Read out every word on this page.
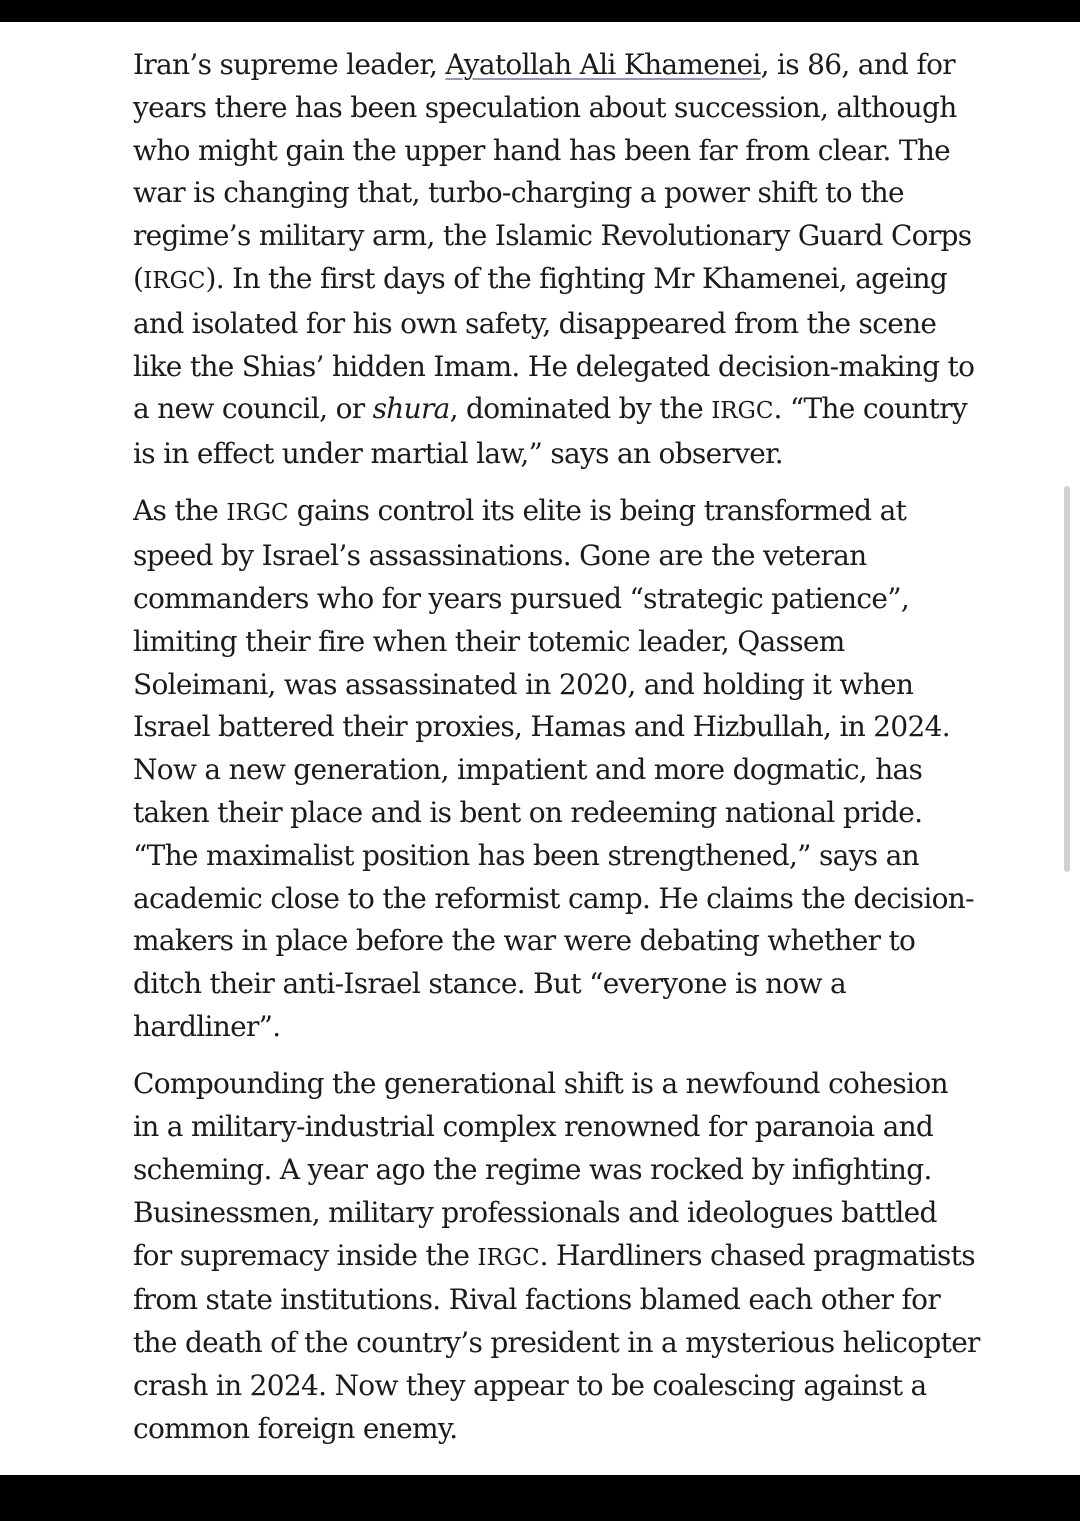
Iran’s supreme leader, Ayatollah Ali Khamenei, is 86, and for
years there has been speculation about succession, although
who might gain the upper hand has been far from clear. The
war is changing that, turbo-charging a power shift to the
regime’s military arm, the Islamic Revolutionary Guard Corps
(IRGC). In the first days of the fighting Mr Khamenei, ageing
and isolated for his own safety, disappeared from the scene
like the Shias’ hidden Imam. He delegated decision-making to
a new council, or shura, dominated by the IRGC. “The country
is in effect under martial law,” says an observer.

As the IRGC gains control its elite is being transformed at
speed by Israel’s assassinations. Gone are the veteran
commanders who for years pursued “strategic patience”,
limiting their fire when their totemic leader, Qassem
Soleimani, was assassinated in 2020, and holding it when
Israel battered their proxies, Hamas and Hizbullah, in 2024.
Now a new generation, impatient and more dogmatic, has
taken their place and is bent on redeeming national pride.
“The maximalist position has been strengthened,” says an
academic close to the reformist camp. He claims the decision-
makers in place before the war were debating whether to
ditch their anti-Israel stance. But “everyone is now a
hardliner”.

Compounding the generational shift is a newfound cohesion
in a military-industrial complex renowned for paranoia and
scheming. A year ago the regime was rocked by infighting.
Businessmen, military professionals and ideologues battled
for supremacy inside the IRGC. Hardliners chased pragmatists
from state institutions. Rival factions blamed each other for
the death of the country’s president in a mysterious helicopter
crash in 2024. Now they appear to be coalescing against a
common foreign enemy.
